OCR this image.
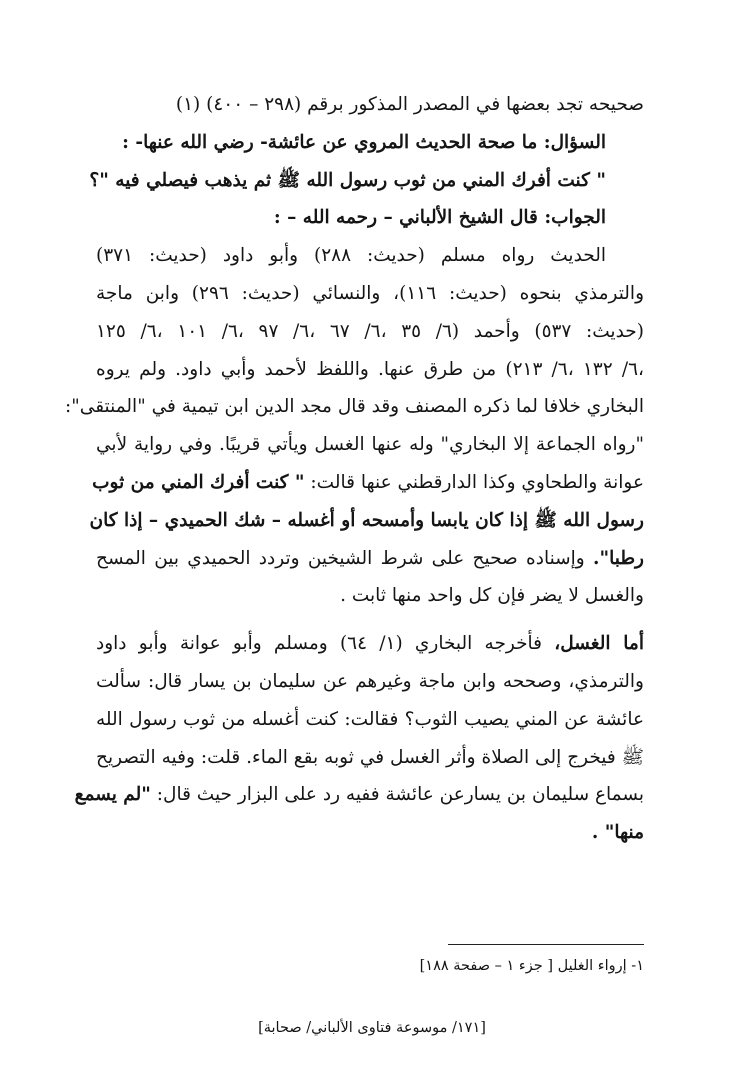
صحيحه تجد بعضها في المصدر المذكور برقم (٢٩٨ – ٤٠٠) (١)
السؤال: ما صحة الحديث المروي عن عائشة- رضي الله عنها- :
" كنت أفرك المني من ثوب رسول الله ﷺ ثم يذهب فيصلي فيه "؟
الجواب: قال الشيخ الألباني – رحمه الله – :
الحديث رواه مسلم (حديث: ٢٨٨) وأبو داود (حديث: ٣٧١)
والترمذي بنحوه (حديث: ١١٦)، والنسائي (حديث: ٢٩٦) وابن ماجة
(حديث: ٥٣٧) وأحمد (٦/ ٣٥ ،٦/ ٦٧ ،٦/ ٩٧ ،٦/ ١٠١ ،٦/ ١٢٥
،٦/ ١٣٢ ،٦/ ٢١٣) من طرق عنها. واللفظ لأحمد وأبي داود. ولم يروه
البخاري خلافا لما ذكره المصنف وقد قال مجد الدين ابن تيمية في "المنتقى":
"رواه الجماعة إلا البخاري" وله عنها الغسل ويأتي قريبًا. وفي رواية لأبي
عوانة والطحاوي وكذا الدارقطني عنها قالت: " كنت أفرك المني من ثوب
رسول الله ﷺ إذا كان يابسا وأمسحه أو أغسله – شك الحميدي – إذا كان
رطبا". وإسناده صحيح على شرط الشيخين وتردد الحميدي بين المسح
والغسل لا يضر فإن كل واحد منها ثابت .
أما الغسل، فأخرجه البخاري (١/ ٦٤) ومسلم وأبو عوانة وأبو داود
والترمذي، وصححه وابن ماجة وغيرهم عن سليمان بن يسار قال: سألت
عائشة عن المني يصيب الثوب؟ فقالت: كنت أغسله من ثوب رسول الله
ﷺ فيخرج إلى الصلاة وأثر الغسل في ثوبه بقع الماء. قلت: وفيه التصريح
بسماع سليمان بن يسارعن عائشة ففيه رد على البزار حيث قال: "لم يسمع
منها" .
١- إرواء الغليل [ جزء ١ – صفحة ١٨٨]
[١٧١/ موسوعة فتاوى الألباني/ صحابة]
